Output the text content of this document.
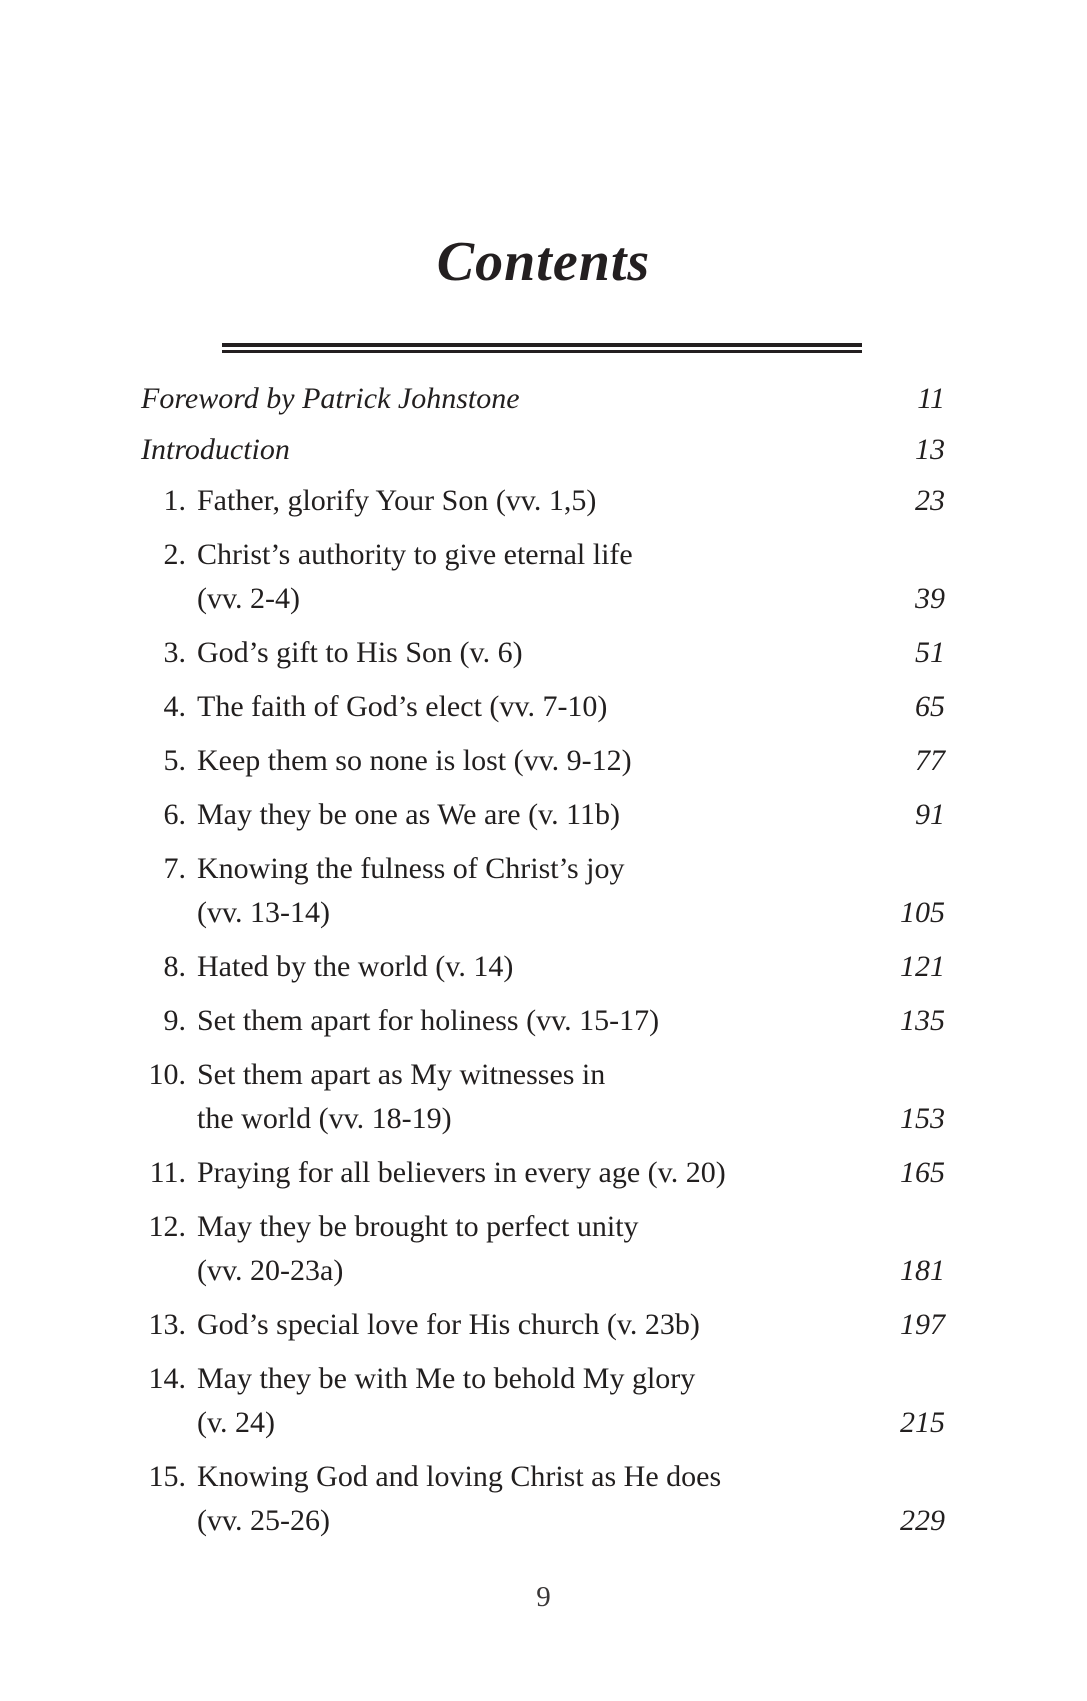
Contents
Foreword by Patrick Johnstone	11
Introduction	13
1. Father, glorify Your Son (vv. 1,5)	23
2. Christ’s authority to give eternal life
(vv. 2-4)	39
3. God’s gift to His Son (v. 6)	51
4. The faith of God’s elect (vv. 7-10)	65
5. Keep them so none is lost (vv. 9-12)	77
6. May they be one as We are (v. 11b)	91
7. Knowing the fulness of Christ’s joy
(vv. 13-14)	105
8. Hated by the world (v. 14)	121
9. Set them apart for holiness (vv. 15-17)	135
10. Set them apart as My witnesses in
the world (vv. 18-19)	153
11. Praying for all believers in every age (v. 20)	165
12. May they be brought to perfect unity
(vv. 20-23a)	181
13. God’s special love for His church (v. 23b)	197
14. May they be with Me to behold My glory
(v. 24)	215
15. Knowing God and loving Christ as He does
(vv. 25-26)	229
9
